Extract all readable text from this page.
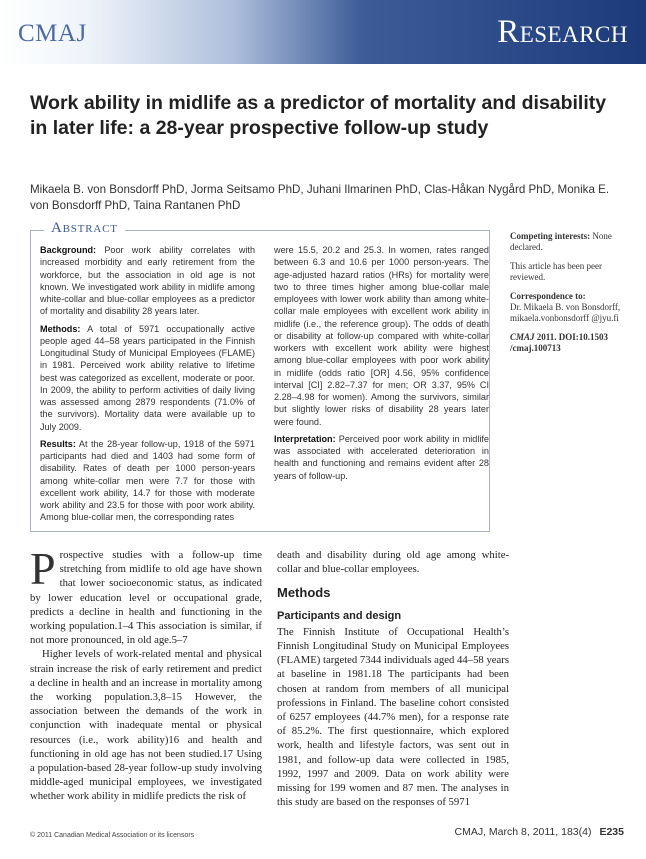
CMAJ	Research
Work ability in midlife as a predictor of mortality and disability in later life: a 28-year prospective follow-up study

Mikaela B. von Bonsdorff PhD, Jorma Seitsamo PhD, Juhani Ilmarinen PhD, Clas-Håkan Nygård PhD, Monika E. von Bonsdorff PhD, Taina Rantanen PhD

Abstract

Background: Poor work ability correlates with increased morbidity and early retirement from the workforce, but the association in old age is not known. We investigated work ability in midlife among white-collar and blue-collar employees as a predictor of mortality and disability 28 years later.

Methods: A total of 5971 occupationally active people aged 44–58 years participated in the Finnish Longitudinal Study of Municipal Employees (FLAME) in 1981. Perceived work ability relative to lifetime best was categorized as excellent, moderate or poor. In 2009, the ability to perform activities of daily living was assessed among 2879 respondents (71.0% of the survivors). Mortality data were available up to July 2009.

Results: At the 28-year follow-up, 1918 of the 5971 participants had died and 1403 had some form of disability. Rates of death per 1000 person-years among white-collar men were 7.7 for those with excellent work ability, 14.7 for those with moderate work ability and 23.5 for those with poor work ability. Among blue-collar men, the corresponding rates

were 15.5, 20.2 and 25.3. In women, rates ranged between 6.3 and 10.6 per 1000 person-years. The age-adjusted hazard ratios (HRs) for mortality were two to three times higher among blue-collar male employees with lower work ability than among white-collar male employees with excellent work ability in midlife (i.e., the reference group). The odds of death or disability at follow-up compared with white-collar workers with excellent work ability were highest among blue-collar employees with poor work ability in midlife (odds ratio [OR] 4.56, 95% confidence interval [CI] 2.82–7.37 for men; OR 3.37, 95% CI 2.28–4.98 for women). Among the survivors, similar but slightly lower risks of disability 28 years later were found.

Interpretation: Perceived poor work ability in midlife was associated with accelerated deterioration in health and functioning and remains evident after 28 years of follow-up.

Competing interests: None declared.

This article has been peer reviewed.

Correspondence to:
Dr. Mikaela B. von Bonsdorff,
mikaela.vonbonsdorff @jyu.fi

CMAJ 2011. DOI:10.1503 /cmaj.100713

Prospective studies with a follow-up time stretching from midlife to old age have shown that lower socioeconomic status, as indicated by lower education level or occupational grade, predicts a decline in health and functioning in the working population.1–4 This association is similar, if not more pronounced, in old age.5–7

Higher levels of work-related mental and physical strain increase the risk of early retirement and predict a decline in health and an increase in mortality among the working population.3,8–15 However, the association between the demands of the work in conjunction with inadequate mental or physical resources (i.e., work ability)16 and health and functioning in old age has not been studied.17 Using a population-based 28-year follow-up study involving middle-aged municipal employees, we investigated whether work ability in midlife predicts the risk of

death and disability during old age among white-collar and blue-collar employees.

Methods

Participants and design

The Finnish Institute of Occupational Health’s Finnish Longitudinal Study on Municipal Employees (FLAME) targeted 7344 individuals aged 44–58 years at baseline in 1981.18 The participants had been chosen at random from members of all municipal professions in Finland. The baseline cohort consisted of 6257 employees (44.7% men), for a response rate of 85.2%. The first questionnaire, which explored work, health and lifestyle factors, was sent out in 1981, and follow-up data were collected in 1985, 1992, 1997 and 2009. Data on work ability were missing for 199 women and 87 men. The analyses in this study are based on the responses of 5971

© 2011 Canadian Medical Association or its licensors	CMAJ, March 8, 2011, 183(4) E235
